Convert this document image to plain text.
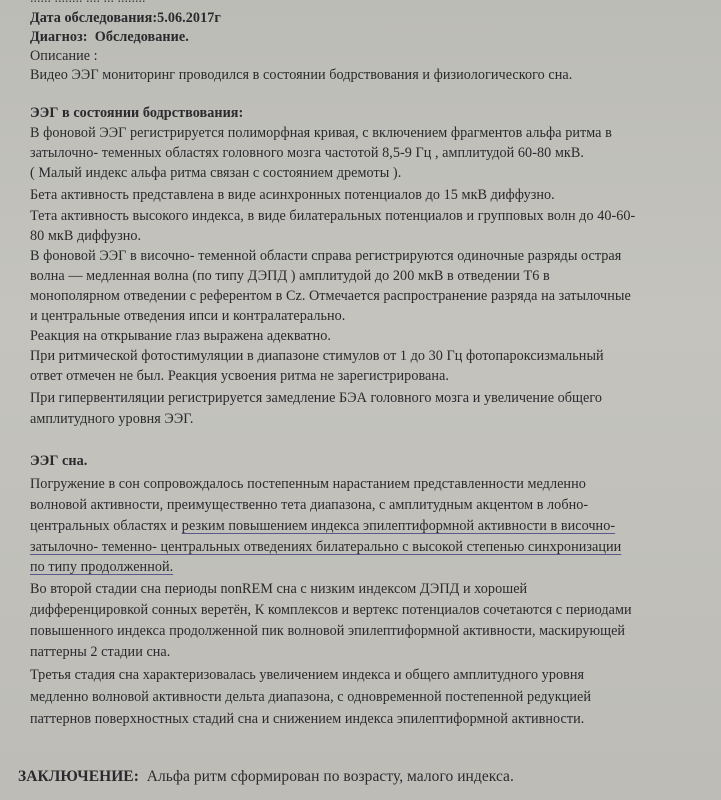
Дата обследования:5.06.2017г
Диагноз: Обследование.
Описание :
Видео ЭЭГ мониторинг проводился в состоянии бодрствования и физиологического сна.
ЭЭГ в состоянии бодрствования:
В фоновой ЭЭГ регистрируется полиморфная кривая, с включением фрагментов альфа ритма в
затылочно- теменных областях головного мозга частотой 8,5-9 Гц , амплитудой 60-80 мкВ.
( Малый индекс альфа ритма связан с состоянием дремоты ).
Бета активность представлена в виде асинхронных потенциалов до 15 мкВ диффузно.
Тета активность высокого индекса, в виде билатеральных потенциалов и групповых волн до 40-60-
80 мкВ диффузно.
В фоновой ЭЭГ в височно- теменной области справа регистрируются одиночные разряды острая
волна — медленная волна (по типу ДЭПД ) амплитудой до 200 мкВ в отведении Т6 в
монополярном отведении с референтом в Cz. Отмечается распространение разряда на затылочные
и центральные отведения ипси и контралатерально.
Реакция на открывание глаз выражена адекватно.
При ритмической фотостимуляции в диапазоне стимулов от 1 до 30 Гц фотопароксизмальный
ответ отмечен не был. Реакция усвоения ритма не зарегистрирована.
При гипервентиляции регистрируется замедление БЭА головного мозга и увеличение общего
амплитудного уровня ЭЭГ.
ЭЭГ сна.
Погружение в сон сопровождалось постепенным нарастанием представленности медленно
волновой активности, преимущественно тета диапазона, с амплитудным акцентом в лобно-
центральных областях и резким повышением индекса эпилептиформной активности в височно-
затылочно- теменно- центральных отведениях билатерально с высокой степенью синхронизации
по типу продолженной.
Во второй стадии сна периоды nonREM сна с низким индексом ДЭПД и хорошей
дифференцировкой сонных веретён, К комплексов и вертекс потенциалов сочетаются с периодами
повышенного индекса продолженной пик волновой эпилептиформной активности, маскирующей
паттерны 2 стадии сна.
Третья стадия сна характеризовалась увеличением индекса и общего амплитудного уровня
медленно волновой активности дельта диапазона, с одновременной постепенной редукцией
паттернов поверхностных стадий сна и снижением индекса эпилептиформной активности.
ЗАКЛЮЧЕНИЕ: Альфа ритм сформирован по возрасту, малого индекса.
